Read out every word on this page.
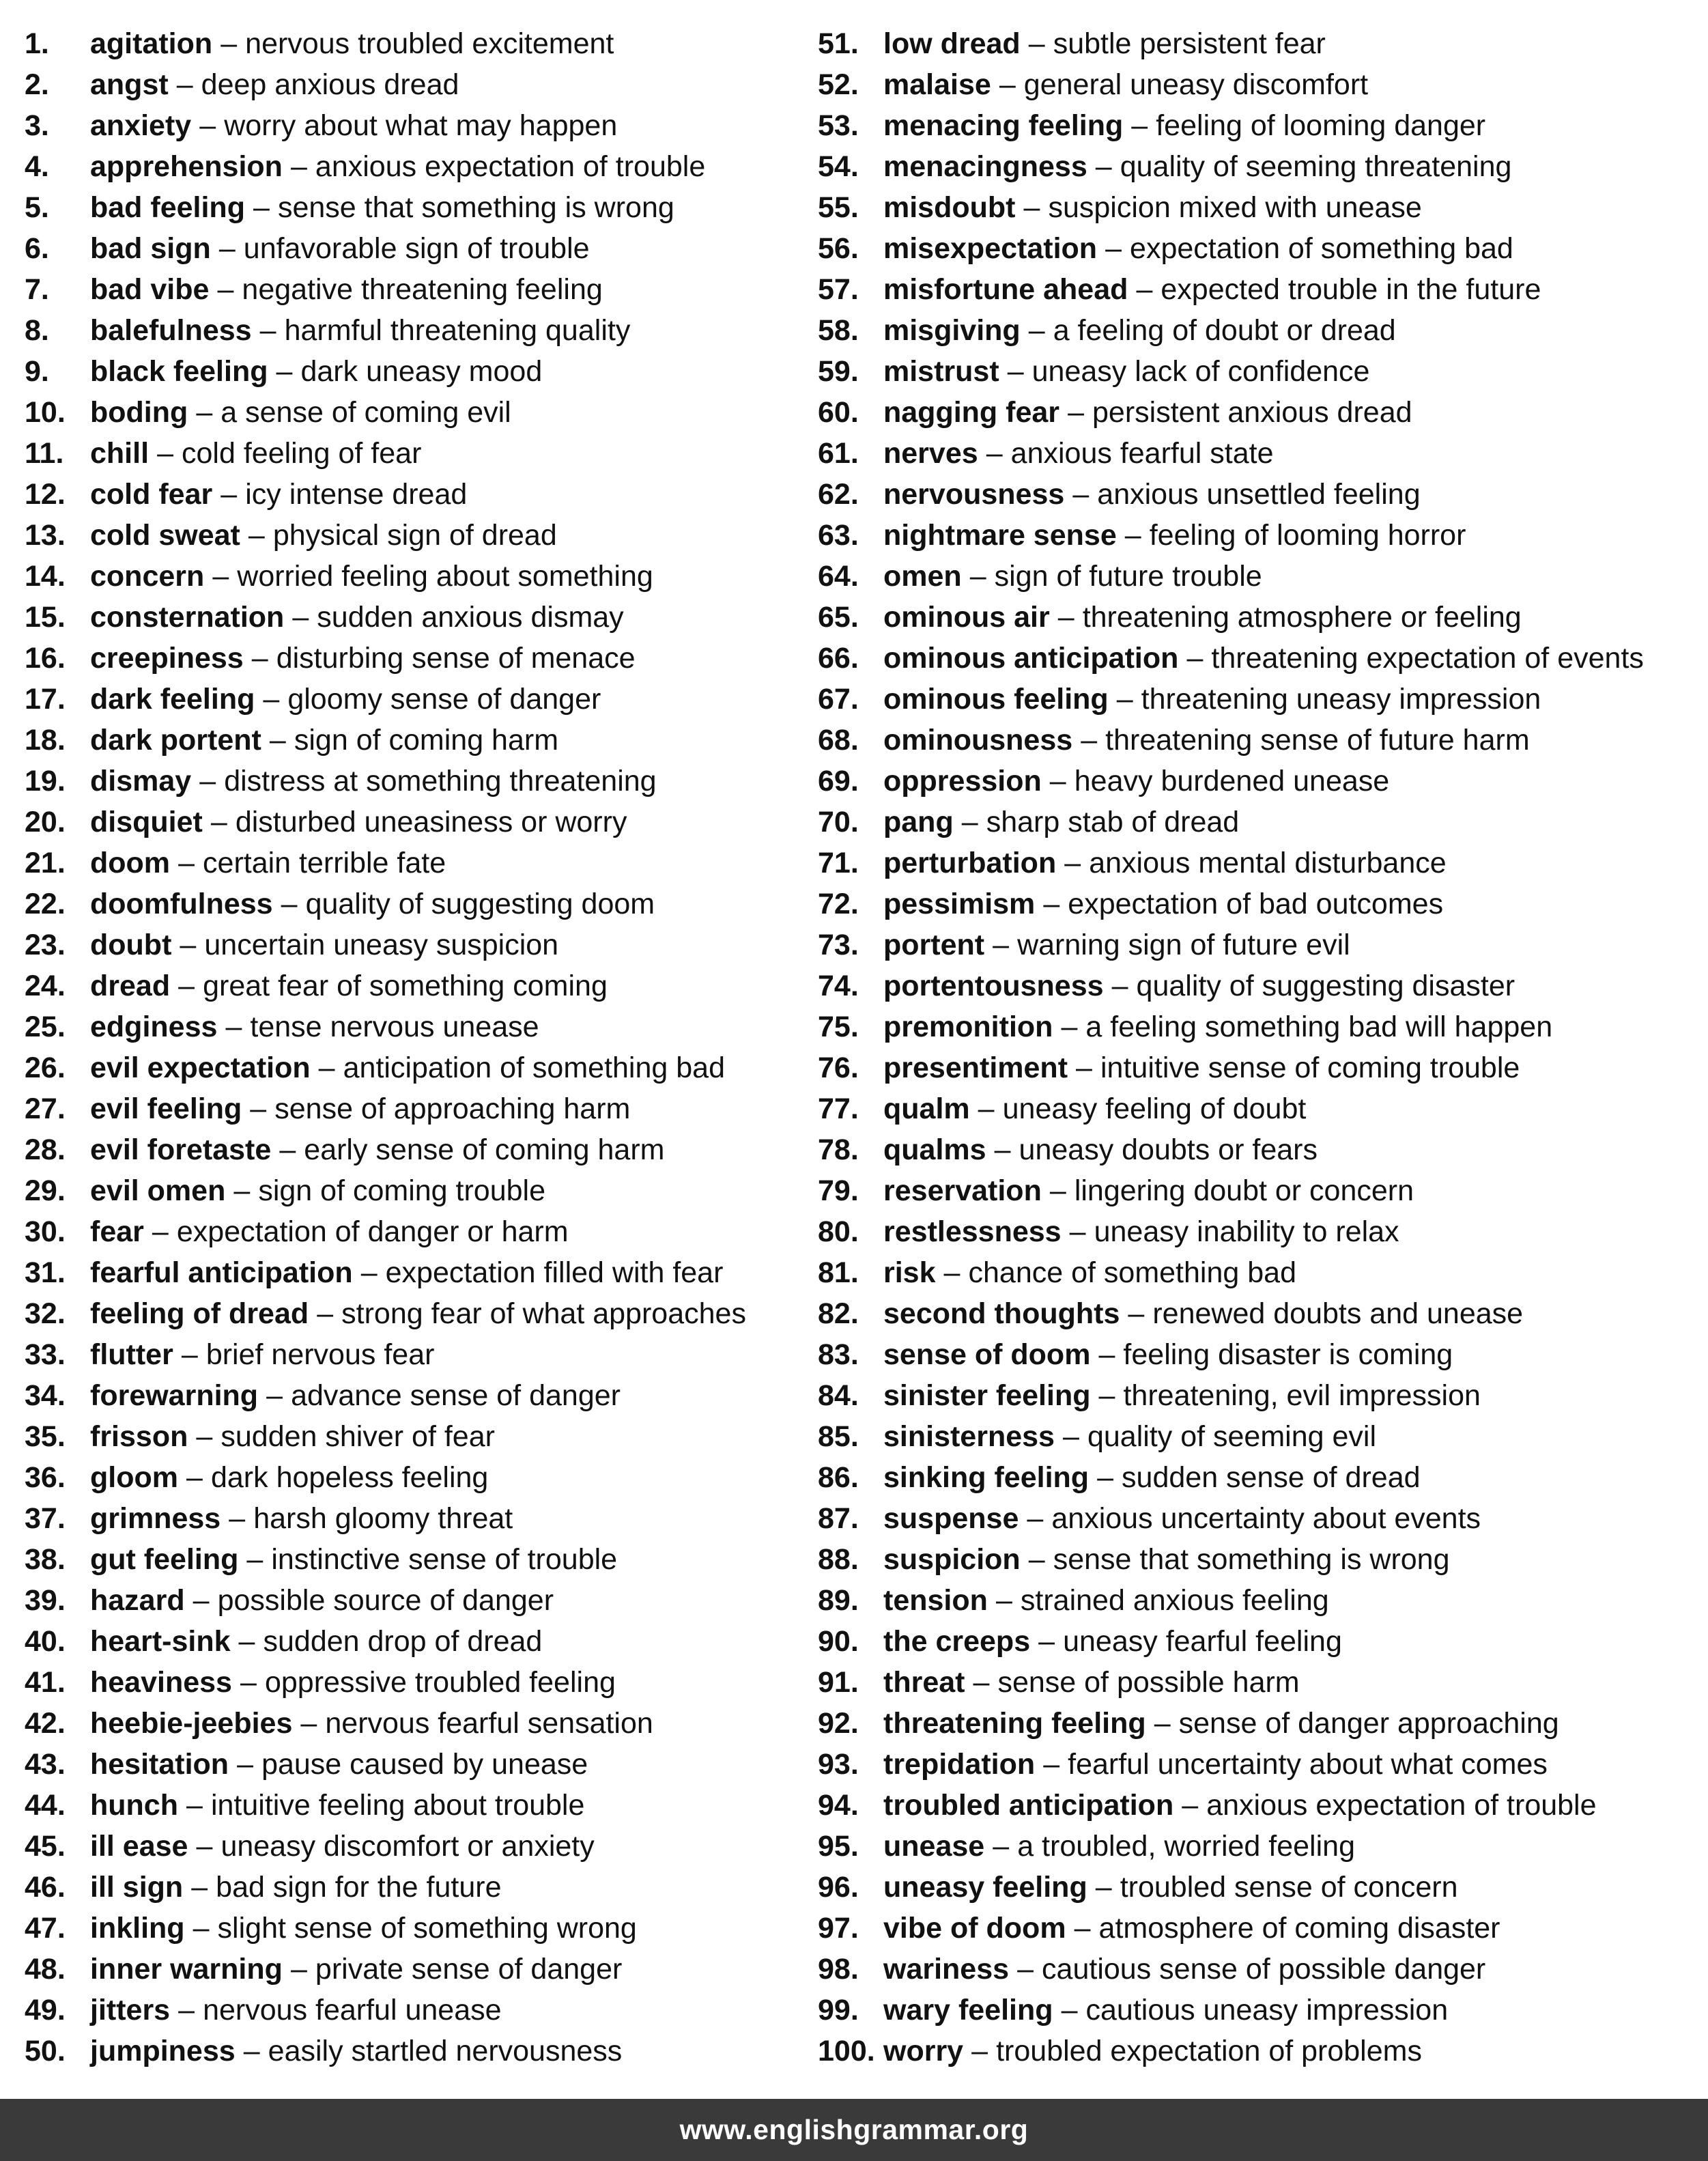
1.	agitation – nervous troubled excitement
2.	angst – deep anxious dread
3.	anxiety – worry about what may happen
4.	apprehension – anxious expectation of trouble
5.	bad feeling – sense that something is wrong
6.	bad sign – unfavorable sign of trouble
7.	bad vibe – negative threatening feeling
8.	balefulness – harmful threatening quality
9.	black feeling – dark uneasy mood
10. boding – a sense of coming evil
11. chill – cold feeling of fear
12. cold fear – icy intense dread
13. cold sweat – physical sign of dread
14. concern – worried feeling about something
15. consternation – sudden anxious dismay
16. creepiness – disturbing sense of menace
17. dark feeling – gloomy sense of danger
18. dark portent – sign of coming harm
19. dismay – distress at something threatening
20. disquiet – disturbed uneasiness or worry
21. doom – certain terrible fate
22. doomfulness – quality of suggesting doom
23. doubt – uncertain uneasy suspicion
24. dread – great fear of something coming
25. edginess – tense nervous unease
26. evil expectation – anticipation of something bad
27. evil feeling – sense of approaching harm
28. evil foretaste – early sense of coming harm
29. evil omen – sign of coming trouble
30. fear – expectation of danger or harm
31. fearful anticipation – expectation filled with fear
32. feeling of dread – strong fear of what approaches
33. flutter – brief nervous fear
34. forewarning – advance sense of danger
35. frisson – sudden shiver of fear
36. gloom – dark hopeless feeling
37. grimness – harsh gloomy threat
38. gut feeling – instinctive sense of trouble
39. hazard – possible source of danger
40. heart-sink – sudden drop of dread
41. heaviness – oppressive troubled feeling
42. heebie-jeebies – nervous fearful sensation
43. hesitation – pause caused by unease
44. hunch – intuitive feeling about trouble
45. ill ease – uneasy discomfort or anxiety
46. ill sign – bad sign for the future
47. inkling – slight sense of something wrong
48. inner warning – private sense of danger
49. jitters – nervous fearful unease
50. jumpiness – easily startled nervousness
51. low dread – subtle persistent fear
52. malaise – general uneasy discomfort
53. menacing feeling – feeling of looming danger
54. menacingness – quality of seeming threatening
55. misdoubt – suspicion mixed with unease
56. misexpectation – expectation of something bad
57. misfortune ahead – expected trouble in the future
58. misgiving – a feeling of doubt or dread
59. mistrust – uneasy lack of confidence
60. nagging fear – persistent anxious dread
61. nerves – anxious fearful state
62. nervousness – anxious unsettled feeling
63. nightmare sense – feeling of looming horror
64. omen – sign of future trouble
65. ominous air – threatening atmosphere or feeling
66. ominous anticipation – threatening expectation of events
67. ominous feeling – threatening uneasy impression
68. ominousness – threatening sense of future harm
69. oppression – heavy burdened unease
70. pang – sharp stab of dread
71. perturbation – anxious mental disturbance
72. pessimism – expectation of bad outcomes
73. portent – warning sign of future evil
74. portentousness – quality of suggesting disaster
75. premonition – a feeling something bad will happen
76. presentiment – intuitive sense of coming trouble
77. qualm – uneasy feeling of doubt
78. qualms – uneasy doubts or fears
79. reservation – lingering doubt or concern
80. restlessness – uneasy inability to relax
81. risk – chance of something bad
82. second thoughts – renewed doubts and unease
83. sense of doom – feeling disaster is coming
84. sinister feeling – threatening, evil impression
85. sinisterness – quality of seeming evil
86. sinking feeling – sudden sense of dread
87. suspense – anxious uncertainty about events
88. suspicion – sense that something is wrong
89. tension – strained anxious feeling
90. the creeps – uneasy fearful feeling
91. threat – sense of possible harm
92. threatening feeling – sense of danger approaching
93. trepidation – fearful uncertainty about what comes
94. troubled anticipation – anxious expectation of trouble
95. unease – a troubled, worried feeling
96. uneasy feeling – troubled sense of concern
97. vibe of doom – atmosphere of coming disaster
98. wariness – cautious sense of possible danger
99. wary feeling – cautious uneasy impression
100. worry – troubled expectation of problems
www.englishgrammar.org
